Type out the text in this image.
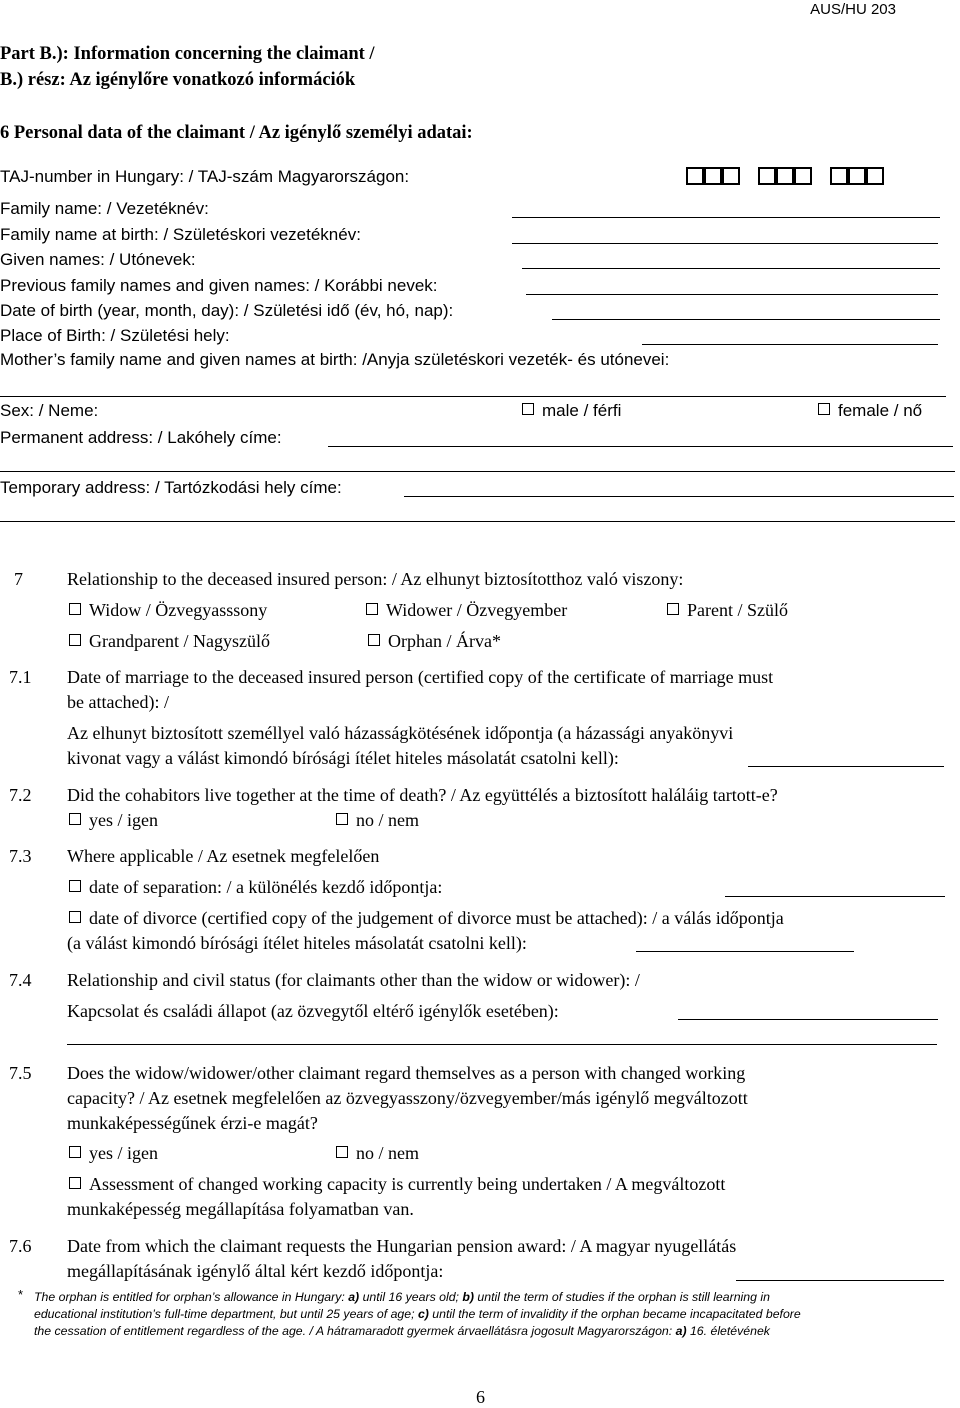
AUS/HU 203
Part B.): Information concerning the claimant /
B.) rész: Az igénylőre vonatkozó információk
6 Personal data of the claimant / Az igénylő személyi adatai:
TAJ-number in Hungary: / TAJ-szám Magyarországon:
Family name: / Vezetéknév:
Family name at birth: / Születéskori vezetéknév:
Given names: / Utónevek:
Previous family names and given names: / Korábbi nevek:
Date of birth (year, month, day): / Születési idő (év, hó, nap):
Place of Birth: / Születési hely:
Mother’s family name and given names at birth: /Anyja születéskori vezeték- és utónevei:
Sex: / Neme:	male / férfi	female / nő
Permanent address: / Lakóhely címe:
Temporary address: / Tartózkodási hely címe:
7 Relationship to the deceased insured person: / Az elhunyt biztosítotthoz való viszony:
Widow / Özvegyasssony	Widower / Özvegyember	Parent / Szülő
Grandparent / Nagyszülő	Orphan / Árva*
7.1 Date of marriage to the deceased insured person (certified copy of the certificate of marriage must
be attached): /
Az elhunyt biztosított személlyel való házasságkötésének időpontja (a házassági anyakönyvi
kivonat vagy a válást kimondó bírósági ítélet hiteles másolatát csatolni kell):
7.2 Did the cohabitors live together at the time of death? / Az együttélés a biztosított haláláig tartott-e?
yes / igen	no / nem
7.3 Where applicable / Az esetnek megfelelően
date of separation: / a különélés kezdő időpontja:
date of divorce (certified copy of the judgement of divorce must be attached): / a válás időpontja
(a válást kimondó bírósági ítélet hiteles másolatát csatolni kell):
7.4 Relationship and civil status (for claimants other than the widow or widower): /
Kapcsolat és családi állapot (az özvegytől eltérő igénylők esetében):
7.5 Does the widow/widower/other claimant regard themselves as a person with changed working
capacity? / Az esetnek megfelelően az özvegyasszony/özvegyember/más igénylő megváltozott
munkaképességűnek érzi-e magát?
yes / igen	no / nem
Assessment of changed working capacity is currently being undertaken / A megváltozott
munkaképesség megállapítása folyamatban van.
7.6 Date from which the claimant requests the Hungarian pension award: / A magyar nyugellátás
megállapításának igénylő által kért kezdő időpontja:
* The orphan is entitled for orphan’s allowance in Hungary: a) until 16 years old; b) until the term of studies if the orphan is still learning in
educational institution’s full-time department, but until 25 years of age; c) until the term of invalidity if the orphan became incapacitated before
the cessation of entitlement regardless of the age. / A hátramaradott gyermek árvaellátásra jogosult Magyarországon: a) 16. életévének
6
